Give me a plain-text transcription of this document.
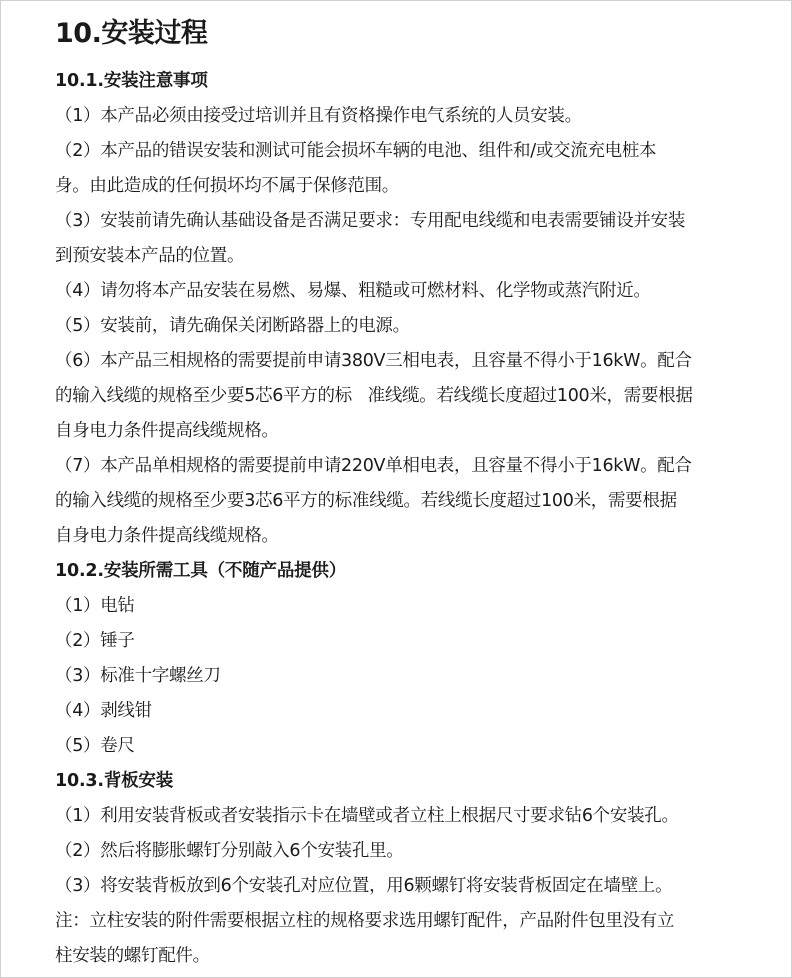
10.安装过程
10.1.安装注意事项

（1）本产品必须由接受过培训并且有资格操作电气系统的人员安装。

（2）本产品的错误安装和测试可能会损坏车辆的电池、组件和/或交流充电桩本

身。由此造成的任何损坏均不属于保修范围。

（3）安装前请先确认基础设备是否满足要求：专用配电线缆和电表需要铺设并安装

到预安装本产品的位置。

（4）请勿将本产品安装在易燃、易爆、粗糙或可燃材料、化学物或蒸汽附近。

（5）安装前，请先确保关闭断路器上的电源。

（6）本产品三相规格的需要提前申请380V三相电表，且容量不得小于16kW。配合

的输入线缆的规格至少要5芯6平方的标   准线缆。若线缆长度超过100米，需要根据

自身电力条件提高线缆规格。

（7）本产品单相规格的需要提前申请220V单相电表，且容量不得小于16kW。配合

的输入线缆的规格至少要3芯6平方的标准线缆。若线缆长度超过100米，需要根据

自身电力条件提高线缆规格。

10.2.安装所需工具（不随产品提供）

（1）电钻

（2）锤子

（3）标准十字螺丝刀

（4）剥线钳

（5）卷尺

10.3.背板安装

（1）利用安装背板或者安装指示卡在墙壁或者立柱上根据尺寸要求钻6个安装孔。

（2）然后将膨胀螺钉分别敲入6个安装孔里。

（3）将安装背板放到6个安装孔对应位置，用6颗螺钉将安装背板固定在墙壁上。

注：立柱安装的附件需要根据立柱的规格要求选用螺钉配件，产品附件包里没有立

柱安装的螺钉配件。
